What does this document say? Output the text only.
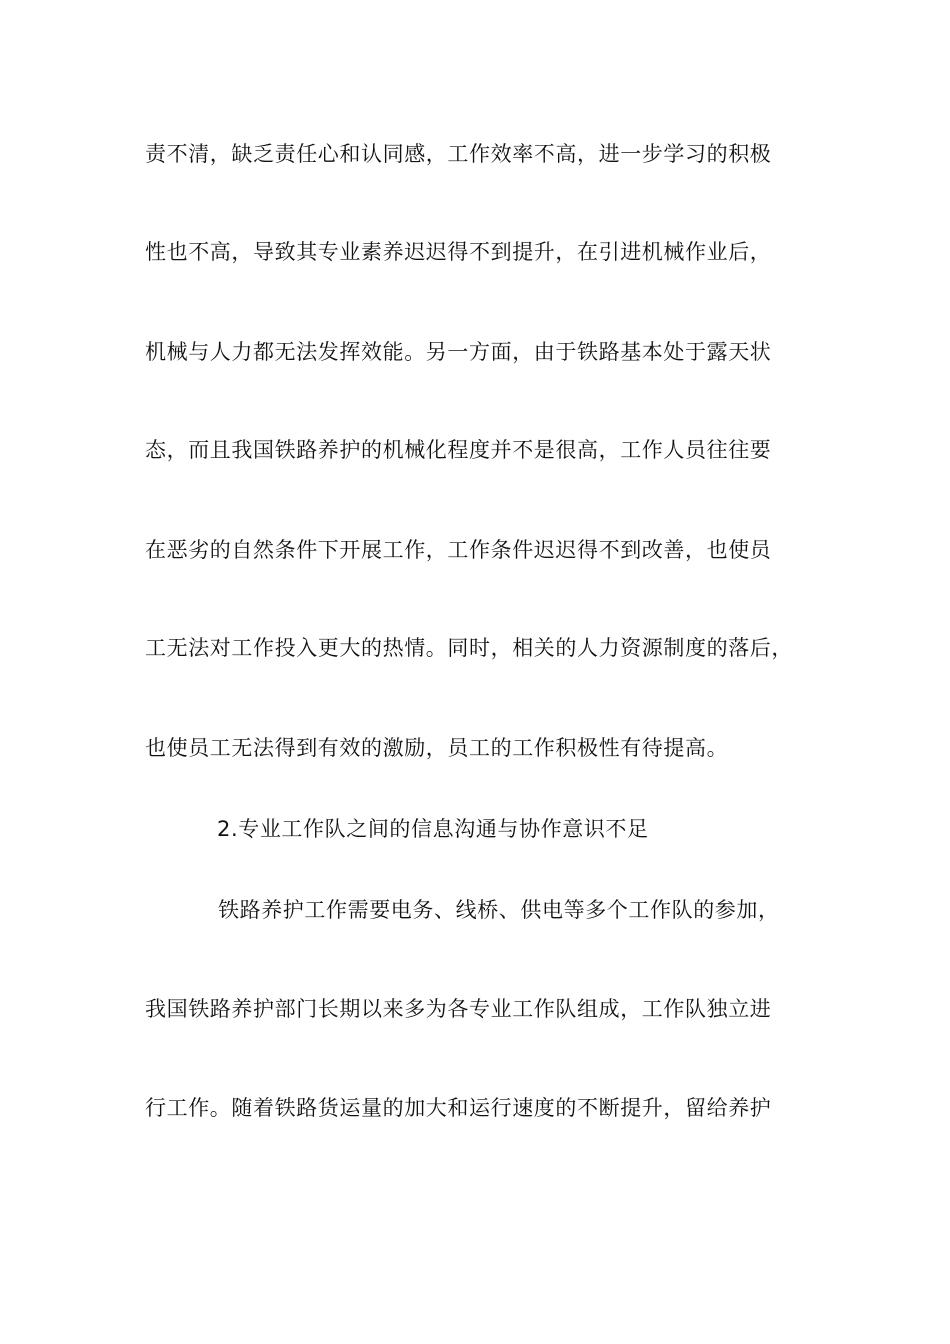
责不清，缺乏责任心和认同感，工作效率不高，进一步学习的积极
性也不高，导致其专业素养迟迟得不到提升，在引进机械作业后，
机械与人力都无法发挥效能。另一方面，由于铁路基本处于露天状
态，而且我国铁路养护的机械化程度并不是很高，工作人员往往要
在恶劣的自然条件下开展工作，工作条件迟迟得不到改善，也使员
工无法对工作投入更大的热情。同时，相关的人力资源制度的落后，
也使员工无法得到有效的激励，员工的工作积极性有待提高。
2.专业工作队之间的信息沟通与协作意识不足
铁路养护工作需要电务、线桥、供电等多个工作队的参加，
我国铁路养护部门长期以来多为各专业工作队组成，工作队独立进
行工作。随着铁路货运量的加大和运行速度的不断提升，留给养护
